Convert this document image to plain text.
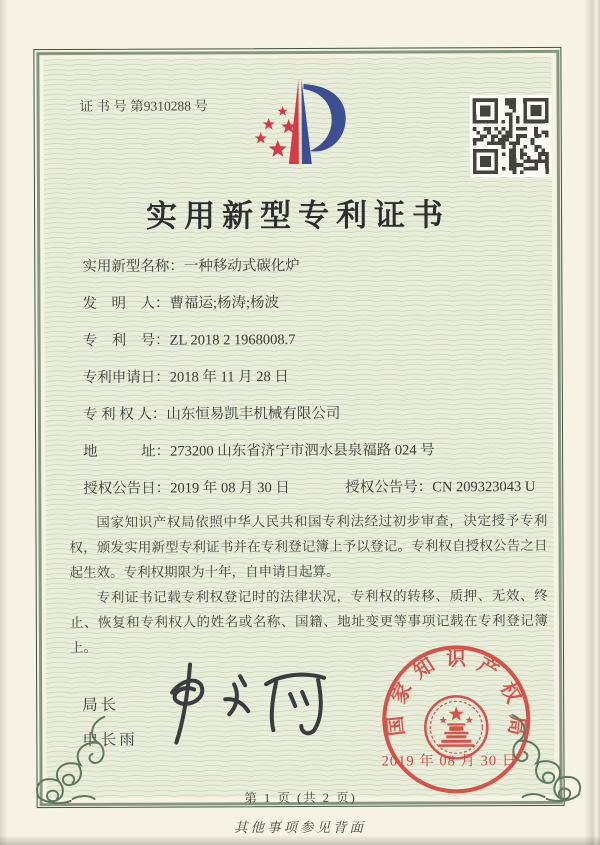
证 书 号 第9310288 号
实用新型专利证书
实用新型名称：一种移动式碳化炉
发　明　人：曹福运;杨涛;杨波
专　利　号：ZL 2018 2 1968008.7
专利申请日：2018 年 11 月 28 日
专 利 权 人：山东恒易凯丰机械有限公司
地　　　址：273200 山东省济宁市泗水县泉福路 024 号
授权公告日：2019 年 08 月 30 日	授权公告号：CN 209323043 U

国家知识产权局依照中华人民共和国专利法经过初步审查，决定授予专利权，颁发实用新型专利证书并在专利登记簿上予以登记。专利权自授权公告之日起生效。专利权期限为十年，自申请日起算。

专利证书记载专利权登记时的法律状况，专利权的转移、质押、无效、终止、恢复和专利权人的姓名或名称、国籍、地址变更等事项记载在专利登记簿上。

局长
申长雨
国
家
知 识 产
权
局
2019 年 08 月 30 日
第 1 页 (共 2 页)
其他事项参见背面
